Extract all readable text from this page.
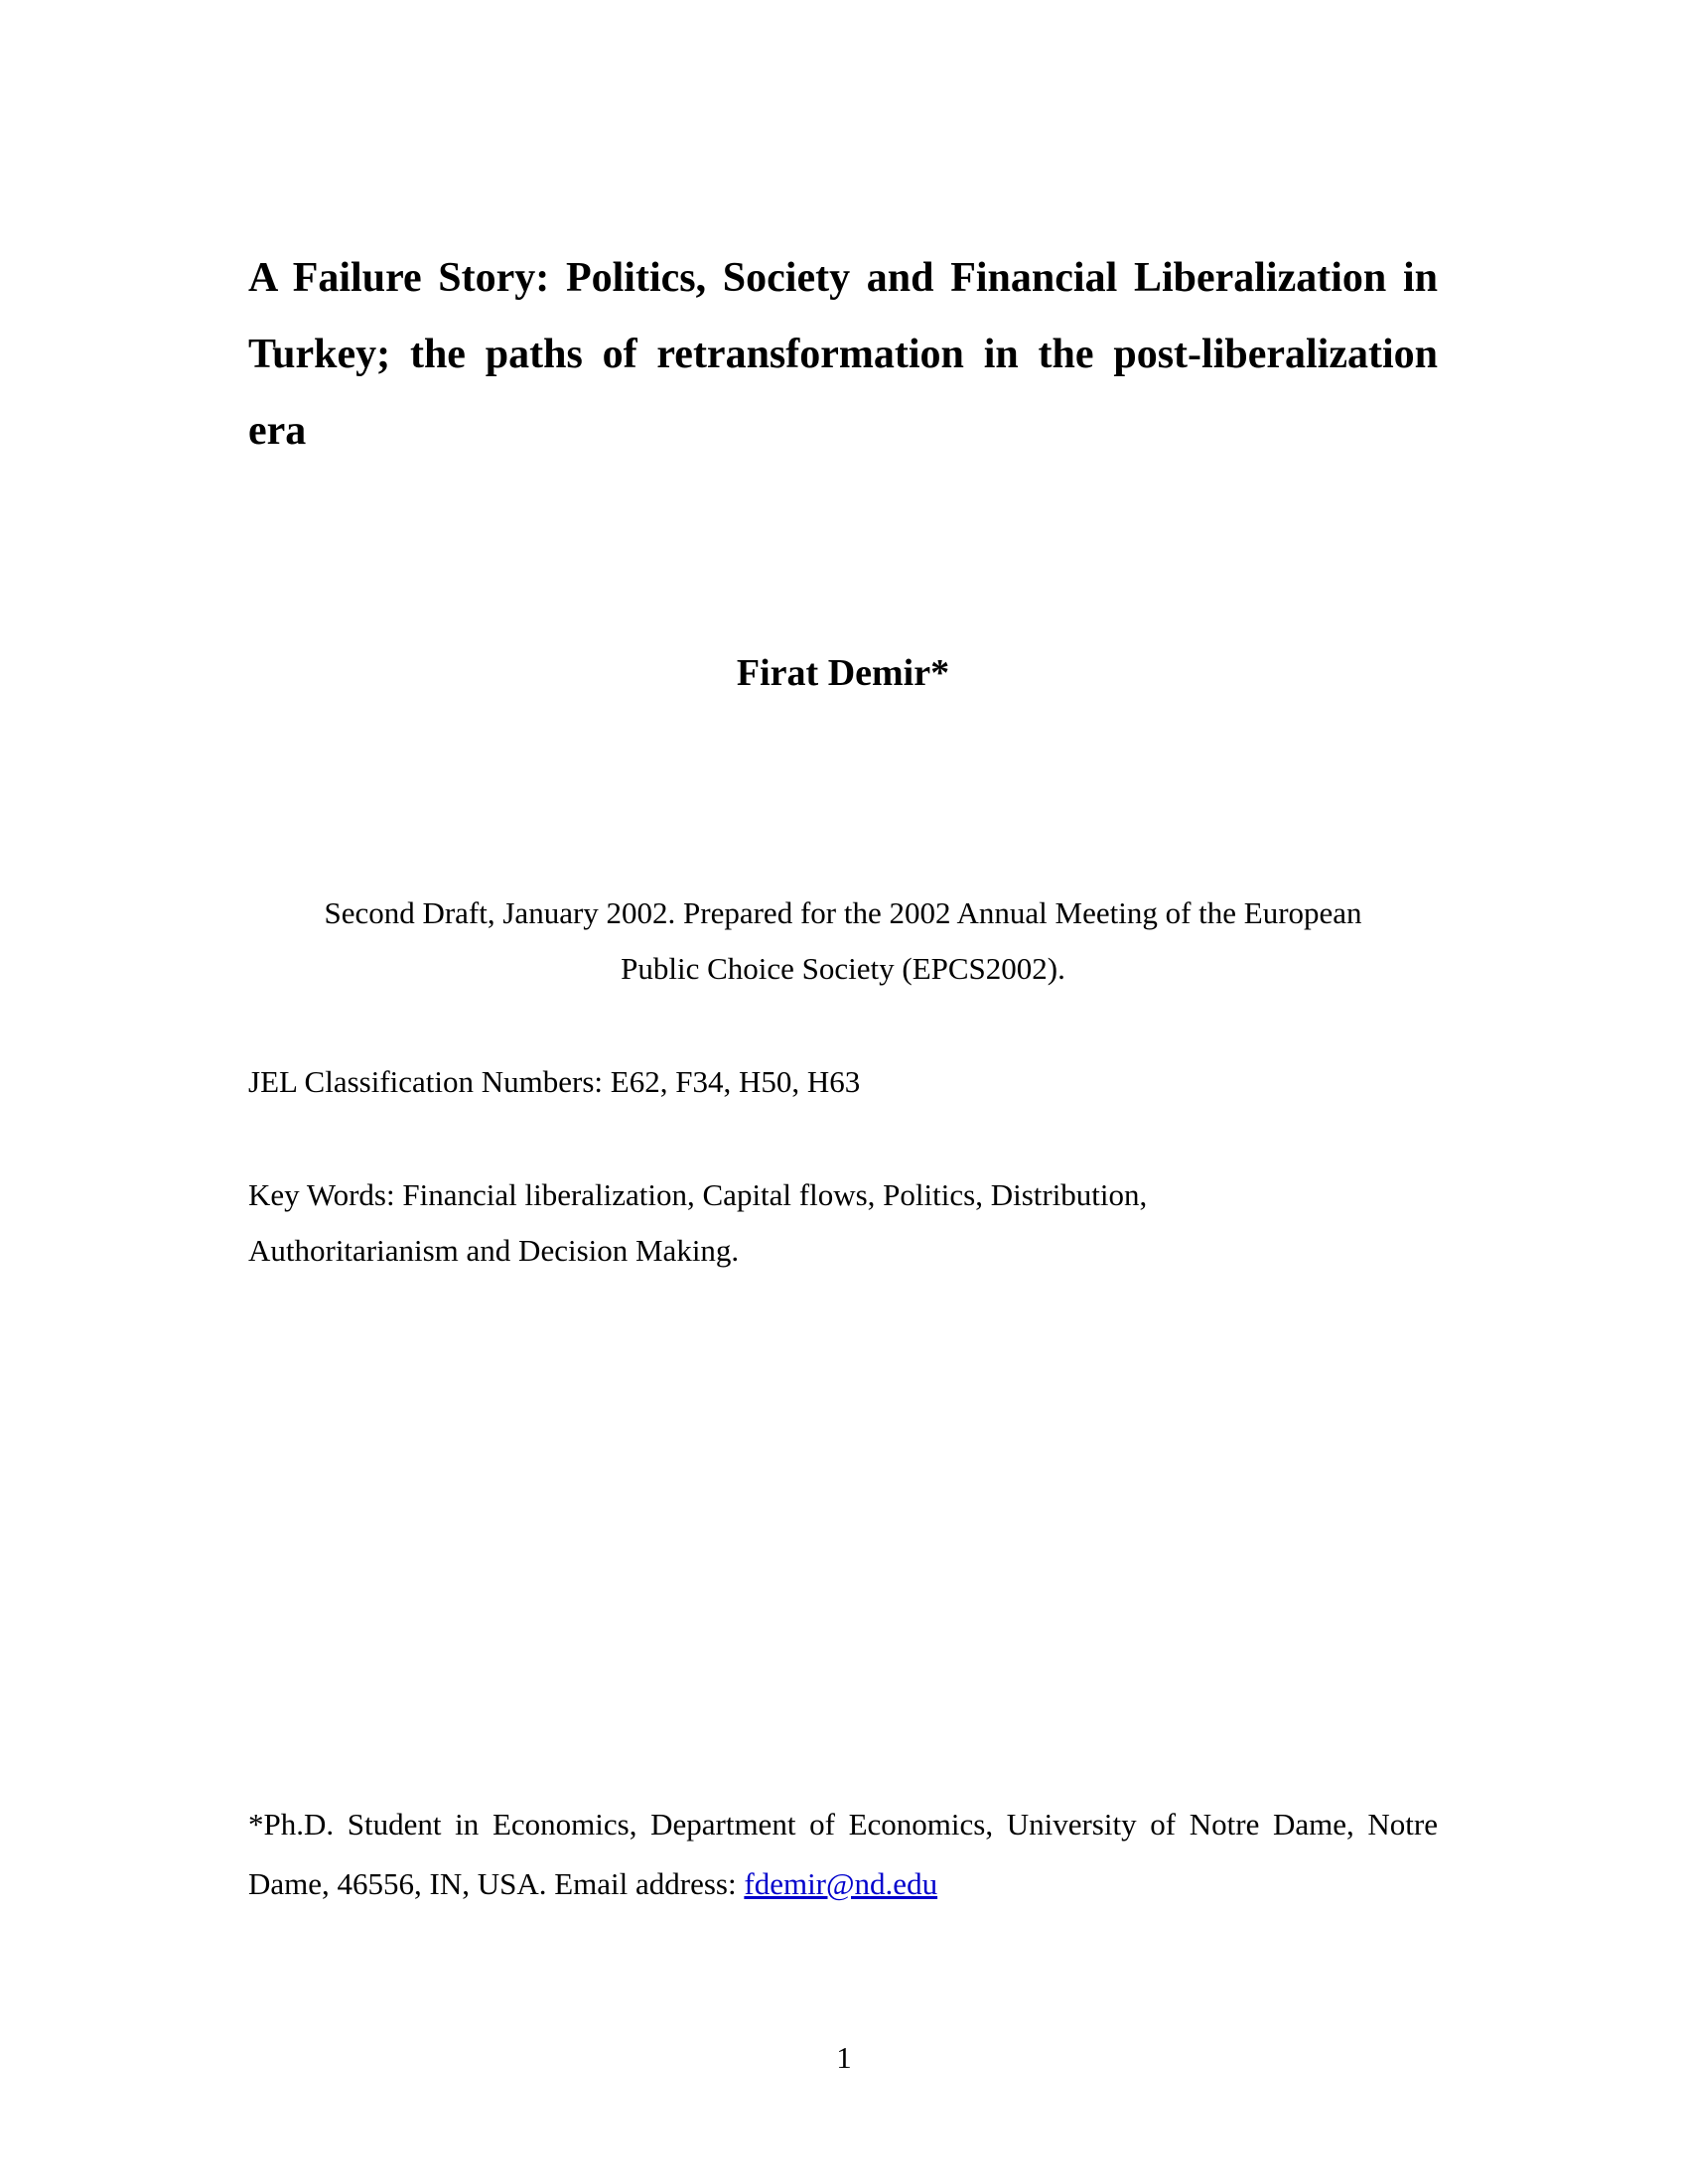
A Failure Story: Politics, Society and Financial Liberalization in Turkey; the paths of retransformation in the post-liberalization era

Firat Demir*

Second Draft, January 2002. Prepared for the 2002 Annual Meeting of the European
Public Choice Society (EPCS2002).

JEL Classification Numbers: E62, F34, H50, H63

Key Words: Financial liberalization, Capital flows, Politics, Distribution,
Authoritarianism and Decision Making.

*Ph.D. Student in Economics, Department of Economics, University of Notre Dame, Notre Dame, 46556, IN, USA. Email address: fdemir@nd.edu

1
